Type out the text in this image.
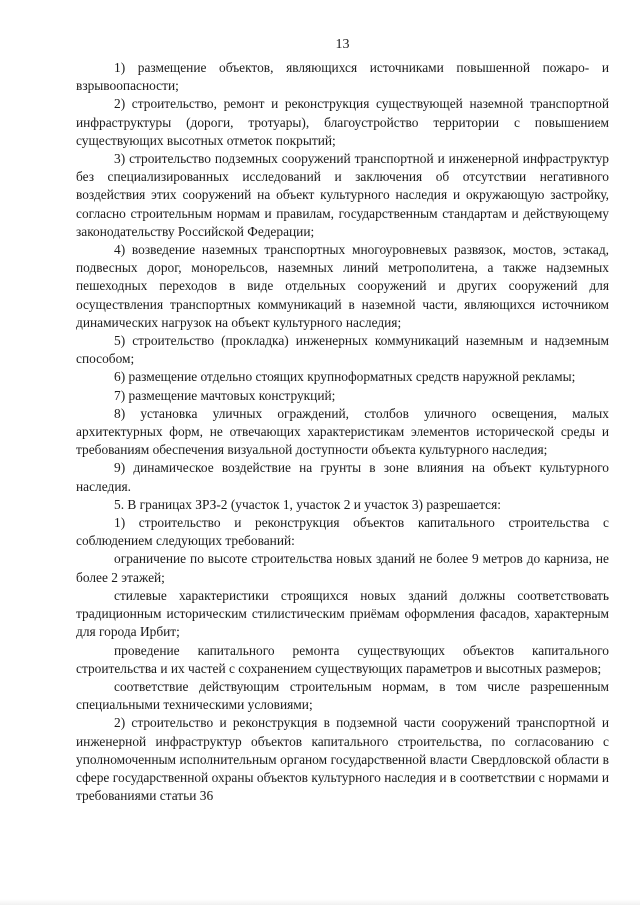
13

1) размещение объектов, являющихся источниками повышенной пожаро- и взрывоопасности;

2) строительство, ремонт и реконструкция существующей наземной транспортной инфраструктуры (дороги, тротуары), благоустройство территории с повышением существующих высотных отметок покрытий;

3) строительство подземных сооружений транспортной и инженерной инфраструктур без специализированных исследований и заключения об отсутствии негативного воздействия этих сооружений на объект культурного наследия и окружающую застройку, согласно строительным нормам и правилам, государственным стандартам и действующему законодательству Российской Федерации;

4) возведение наземных транспортных многоуровневых развязок, мостов, эстакад, подвесных дорог, монорельсов, наземных линий метрополитена, а также надземных пешеходных переходов в виде отдельных сооружений и других сооружений для осуществления транспортных коммуникаций в наземной части, являющихся источником динамических нагрузок на объект культурного наследия;

5) строительство (прокладка) инженерных коммуникаций наземным и надземным способом;

6) размещение отдельно стоящих крупноформатных средств наружной рекламы;

7) размещение мачтовых конструкций;

8) установка уличных ограждений, столбов уличного освещения, малых архитектурных форм, не отвечающих характеристикам элементов исторической среды и требованиям обеспечения визуальной доступности объекта культурного наследия;

9) динамическое воздействие на грунты в зоне влияния на объект культурного наследия.

5. В границах ЗРЗ-2 (участок 1, участок 2 и участок 3) разрешается:

1) строительство и реконструкция объектов капитального строительства с соблюдением следующих требований:

ограничение по высоте строительства новых зданий не более 9 метров до карниза, не более 2 этажей;

стилевые характеристики строящихся новых зданий должны соответствовать традиционным историческим стилистическим приёмам оформления фасадов, характерным для города Ирбит;

проведение капитального ремонта существующих объектов капитального строительства и их частей с сохранением существующих параметров и высотных размеров;

соответствие действующим строительным нормам, в том числе разрешенным специальными техническими условиями;

2) строительство и реконструкция в подземной части сооружений транспортной и инженерной инфраструктур объектов капитального строительства, по согласованию с уполномоченным исполнительным органом государственной власти Свердловской области в сфере государственной охраны объектов культурного наследия и в соответствии с нормами и требованиями статьи 36
